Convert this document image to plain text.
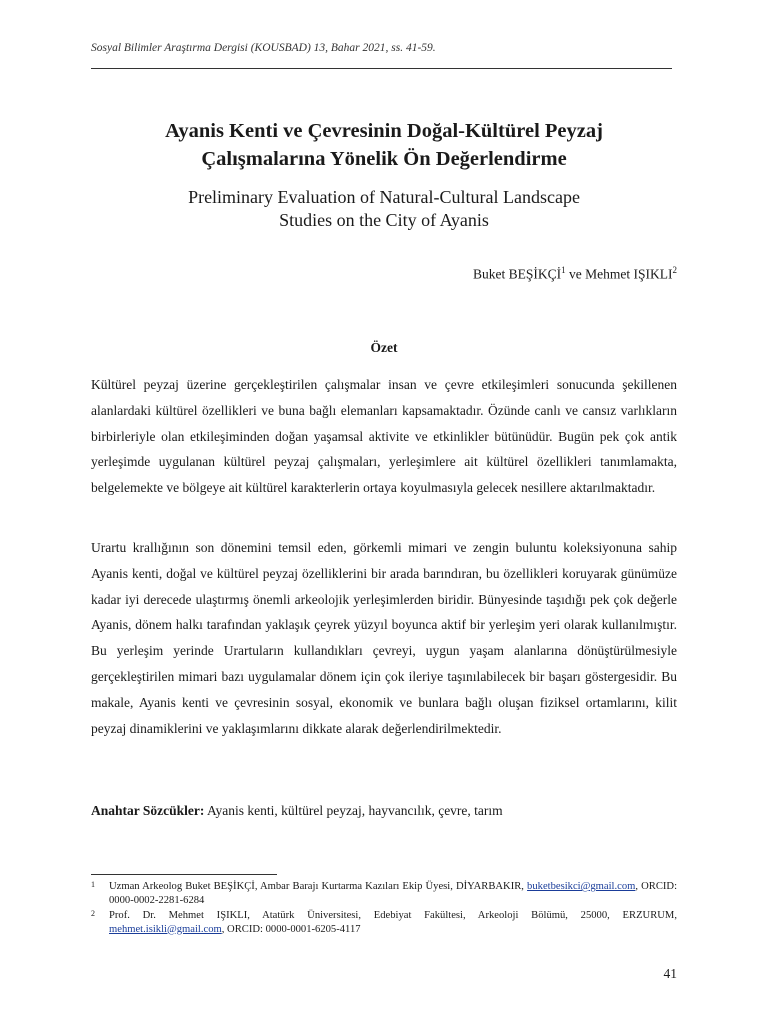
Sosyal Bilimler Araştırma Dergisi (KOUSBAD) 13, Bahar 2021, ss. 41-59.
Ayanis Kenti ve Çevresinin Doğal-Kültürel Peyzaj
Çalışmalarına Yönelik Ön Değerlendirme
Preliminary Evaluation of Natural-Cultural Landscape
Studies on the City of Ayanis
Buket BEŞİKÇİ$^1$ ve Mehmet IŞIKLI$^2$
Özet
Kültürel peyzaj üzerine gerçekleştirilen çalışmalar insan ve çevre etkileşimleri sonucunda şekillenen alanlardaki kültürel özellikleri ve buna bağlı elemanları kapsamaktadır. Özünde canlı ve cansız varlıkların birbirleriyle olan etkileşiminden doğan yaşamsal aktivite ve etkinlikler bütünüdür. Bugün pek çok antik yerleşimde uygulanan kültürel peyzaj çalışmaları, yerleşimlere ait kültürel özellikleri tanımlamakta, belgelemekte ve bölgeye ait kültürel karakterlerin ortaya koyulmasıyla gelecek nesillere aktarılmaktadır.
Urartu krallığının son dönemini temsil eden, görkemli mimari ve zengin buluntu koleksiyonuna sahip Ayanis kenti, doğal ve kültürel peyzaj özelliklerini bir arada barındıran, bu özellikleri koruyarak günümüze kadar iyi derecede ulaştırmış önemli arkeolojik yerleşimlerden biridir. Bünyesinde taşıdığı pek çok değerle Ayanis, dönem halkı tarafından yaklaşık çeyrek yüzyıl boyunca aktif bir yerleşim yeri olarak kullanılmıştır. Bu yerleşim yerinde Urartuların kullandıkları çevreyi, uygun yaşam alanlarına dönüştürülmesiyle gerçekleştirilen mimari bazı uygulamalar dönem için çok ileriye taşınılabilecek bir başarı göstergesidir. Bu makale, Ayanis kenti ve çevresinin sosyal, ekonomik ve bunlara bağlı oluşan fiziksel ortamlarını, kilit peyzaj dinamiklerini ve yaklaşımlarını dikkate alarak değerlendirilmektedir.
Anahtar Sözcükler: Ayanis kenti, kültürel peyzaj, hayvancılık, çevre, tarım
1 Uzman Arkeolog Buket BEŞİKÇİ, Ambar Barajı Kurtarma Kazıları Ekip Üyesi, DİYARBAKIR, buketbesikci@gmail.com, ORCID: 0000-0002-2281-6284
2 Prof. Dr. Mehmet IŞIKLI, Atatürk Üniversitesi, Edebiyat Fakültesi, Arkeoloji Bölümü, 25000, ERZURUM, mehmet.isikli@gmail.com, ORCID: 0000-0001-6205-4117
41
